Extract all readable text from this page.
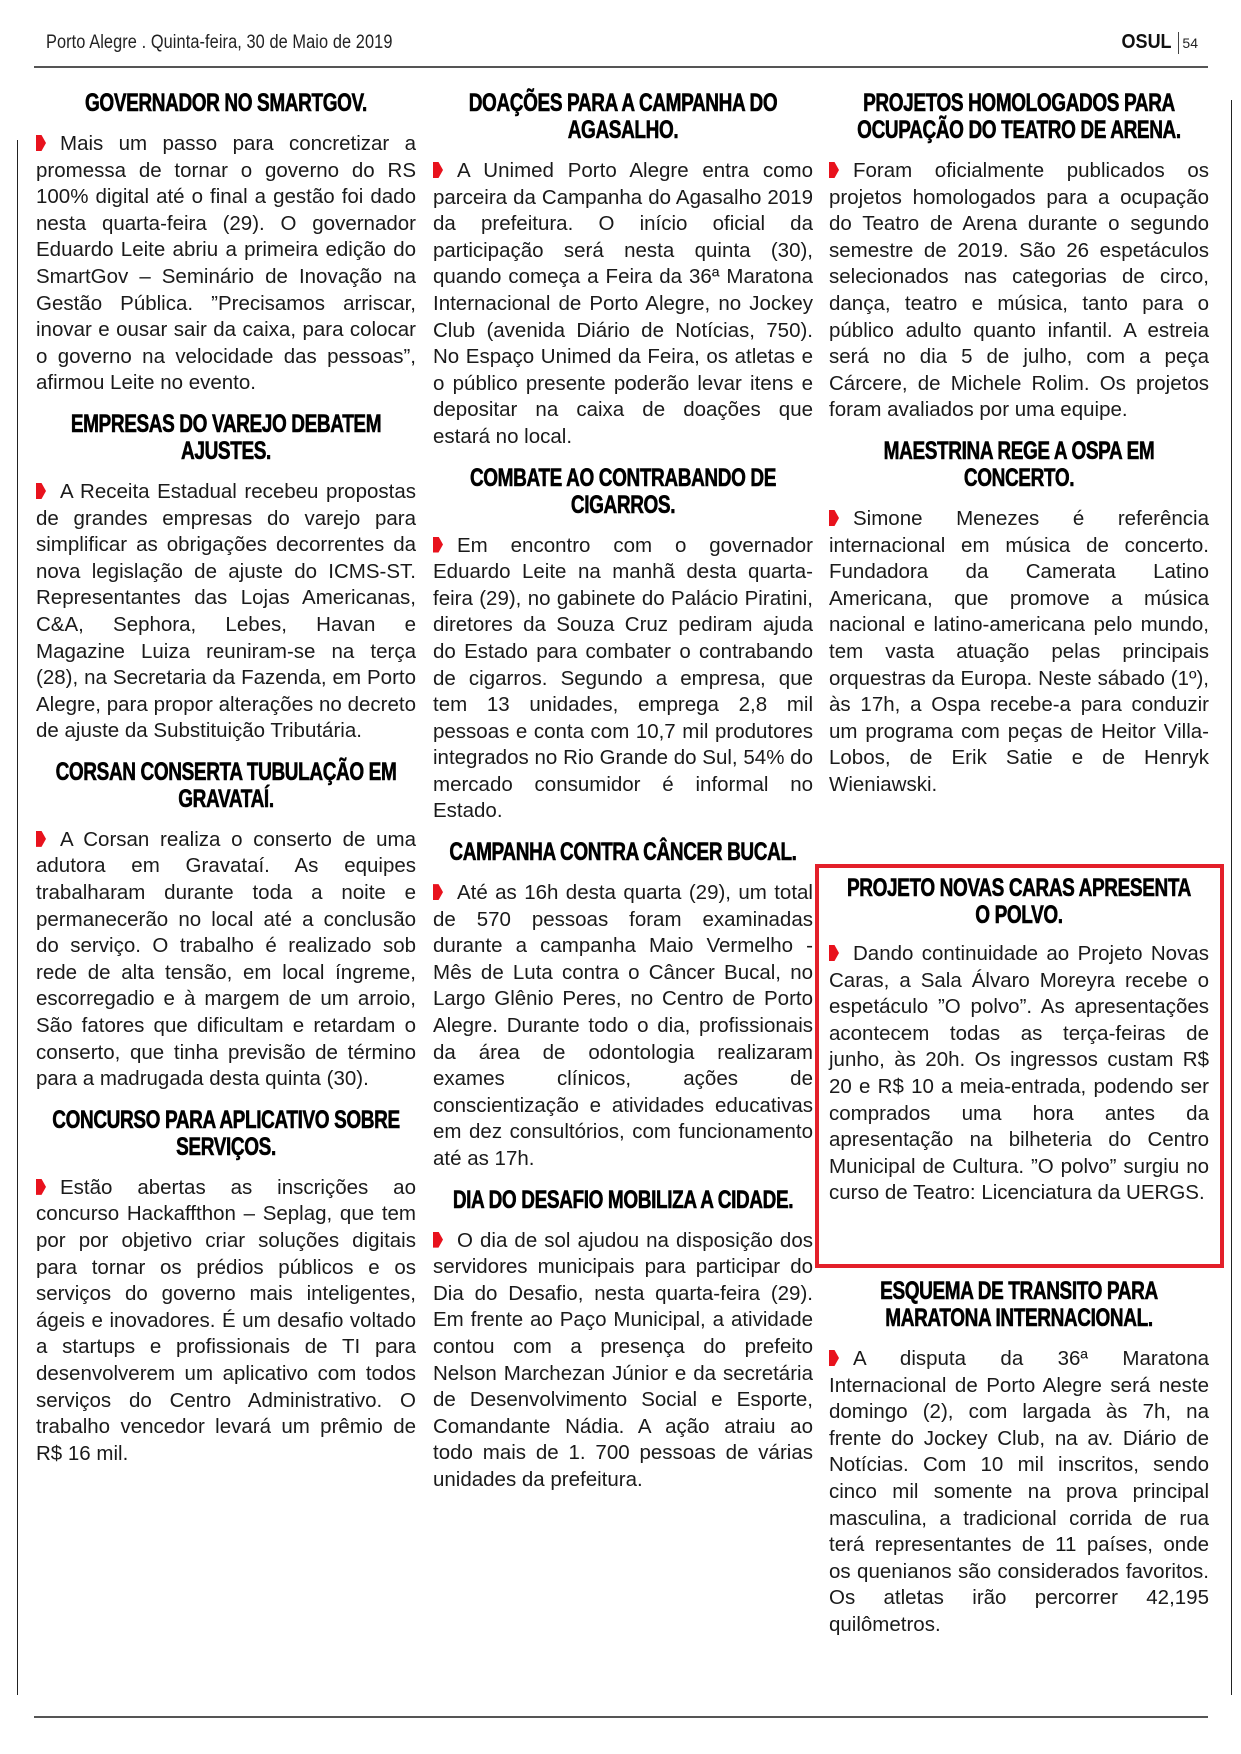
Porto Alegre . Quinta-feira, 30 de Maio de 2019	OSUL 54
GOVERNADOR NO SMARTGOV.

Mais um passo para concretizar a promessa de tornar o governo do RS 100% digital até o final a gestão foi dado nesta quarta-feira (29). O governador Eduardo Leite abriu a primeira edição do SmartGov – Seminário de Inovação na Gestão Pública. ”Precisamos arriscar, inovar e ousar sair da caixa, para colocar o governo na velocidade das pessoas”, afirmou Leite no evento.

EMPRESAS DO VAREJO DEBATEM AJUSTES.

A Receita Estadual recebeu propostas de grandes empresas do varejo para simplificar as obrigações decorrentes da nova legislação de ajuste do ICMS-ST. Representantes das Lojas Americanas, C&A, Sephora, Lebes, Havan e Magazine Luiza reuniram-se na terça (28), na Secretaria da Fazenda, em Porto Alegre, para propor alterações no decreto de ajuste da Substituição Tributária.

CORSAN CONSERTA TUBULAÇÃO EM GRAVATAÍ.

A Corsan realiza o conserto de uma adutora em Gravataí. As equipes trabalharam durante toda a noite e permanecerão no local até a conclusão do serviço. O trabalho é realizado sob rede de alta tensão, em local íngreme, escorregadio e à margem de um arroio, São fatores que dificultam e retardam o conserto, que tinha previsão de término para a madrugada desta quinta (30).

CONCURSO PARA APLICATIVO SOBRE SERVIÇOS.

Estão abertas as inscrições ao concurso Hackaffthon – Seplag, que tem por por objetivo criar soluções digitais para tornar os prédios públicos e os serviços do governo mais inteligentes, ágeis e inovadores. É um desafio voltado a startups e profissionais de TI para desenvolverem um aplicativo com todos serviços do Centro Administrativo. O trabalho vencedor levará um prêmio de R$ 16 mil.

DOAÇÕES PARA A CAMPANHA DO AGASALHO.

A Unimed Porto Alegre entra como parceira da Campanha do Agasalho 2019 da prefeitura. O início oficial da participação será nesta quinta (30), quando começa a Feira da 36ª Maratona Internacional de Porto Alegre, no Jockey Club (avenida Diário de Notícias, 750). No Espaço Unimed da Feira, os atletas e o público presente poderão levar itens e depositar na caixa de doações que estará no local.

COMBATE AO CONTRABANDO DE CIGARROS.

Em encontro com o governador Eduardo Leite na manhã desta quarta-feira (29), no gabinete do Palácio Piratini, diretores da Souza Cruz pediram ajuda do Estado para combater o contrabando de cigarros. Segundo a empresa, que tem 13 unidades, emprega 2,8 mil pessoas e conta com 10,7 mil produtores integrados no Rio Grande do Sul, 54% do mercado consumidor é informal no Estado.

CAMPANHA CONTRA CÂNCER BUCAL.

Até as 16h desta quarta (29), um total de 570 pessoas foram examinadas durante a campanha Maio Vermelho - Mês de Luta contra o Câncer Bucal, no Largo Glênio Peres, no Centro de Porto Alegre. Durante todo o dia, profissionais da área de odontologia realizaram exames clínicos, ações de conscientização e atividades educativas em dez consultórios, com funcionamento até as 17h.

DIA DO DESAFIO MOBILIZA A CIDADE.

O dia de sol ajudou na disposição dos servidores municipais para participar do Dia do Desafio, nesta quarta-feira (29). Em frente ao Paço Municipal, a atividade contou com a presença do prefeito Nelson Marchezan Júnior e da secretária de Desenvolvimento Social e Esporte, Comandante Nádia. A ação atraiu ao todo mais de 1. 700 pessoas de várias unidades da prefeitura.

PROJETOS HOMOLOGADOS PARA OCUPAÇÃO DO TEATRO DE ARENA.

Foram oficialmente publicados os projetos homologados para a ocupação do Teatro de Arena durante o segundo semestre de 2019. São 26 espetáculos selecionados nas categorias de circo, dança, teatro e música, tanto para o público adulto quanto infantil. A estreia será no dia 5 de julho, com a peça Cárcere, de Michele Rolim. Os projetos foram avaliados por uma equipe.

MAESTRINA REGE A OSPA EM CONCERTO.

Simone Menezes é referência internacional em música de concerto. Fundadora da Camerata Latino Americana, que promove a música nacional e latino-americana pelo mundo, tem vasta atuação pelas principais orquestras da Europa. Neste sábado (1º), às 17h, a Ospa recebe-a para conduzir um programa com peças de Heitor Villa-Lobos, de Erik Satie e de Henryk Wieniawski.

PROJETO NOVAS CARAS APRESENTA O POLVO.

Dando continuidade ao Projeto Novas Caras, a Sala Álvaro Moreyra recebe o espetáculo ”O polvo”. As apresentações acontecem todas as terça-feiras de junho, às 20h. Os ingressos custam R$ 20 e R$ 10 a meia-entrada, podendo ser comprados uma hora antes da apresentação na bilheteria do Centro Municipal de Cultura. ”O polvo” surgiu no curso de Teatro: Licenciatura da UERGS.

ESQUEMA DE TRANSITO PARA MARATONA INTERNACIONAL.

A disputa da 36ª Maratona Internacional de Porto Alegre será neste domingo (2), com largada às 7h, na frente do Jockey Club, na av. Diário de Notícias. Com 10 mil inscritos, sendo cinco mil somente na prova principal masculina, a tradicional corrida de rua terá representantes de 11 países, onde os quenianos são considerados favoritos. Os atletas irão percorrer 42,195 quilômetros.
